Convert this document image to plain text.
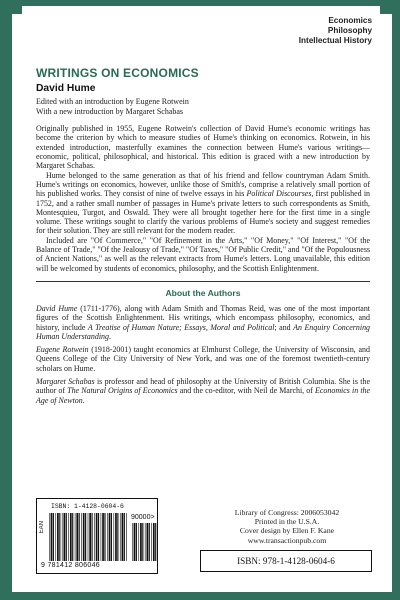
Economics
Philosophy
Intellectual History
WRITINGS ON ECONOMICS
David Hume
Edited with an introduction by Eugene Rotwein
With a new introduction by Margaret Schabas

Originally published in 1955, Eugene Rotwein's collection of David Hume's economic writings has become the criterion by which to measure studies of Hume's thinking on economics. Rotwein, in his extended introduction, masterfully examines the connection between Hume's various writings—economic, political, philosophical, and historical. This edition is graced with a new introduction by Margaret Schabas.

Hume belonged to the same generation as that of his friend and fellow countryman Adam Smith. Hume's writings on economics, however, unlike those of Smith's, comprise a relatively small portion of his published works. They consist of nine of twelve essays in his Political Discourses, first published in 1752, and a rather small number of passages in Hume's private letters to such correspondents as Smith, Montesquieu, Turgot, and Oswald. They were all brought together here for the first time in a single volume. These writings sought to clarify the various problems of Hume's society and suggest remedies for their solution. They are still relevant for the modern reader.

Included are "Of Commerce," "Of Refinement in the Arts," "Of Money," "Of Interest," "Of the Balance of Trade," "Of the Jealousy of Trade," "Of Taxes," "Of Public Credit," and "Of the Populousness of Ancient Nations," as well as the relevant extracts from Hume's letters. Long unavailable, this edition will be welcomed by students of economics, philosophy, and the Scottish Enlightenment.

About the Authors

David Hume (1711-1776), along with Adam Smith and Thomas Reid, was one of the most important figures of the Scottish Enlightenment. His writings, which encompass philosophy, economics, and history, include A Treatise of Human Nature; Essays, Moral and Political; and An Enquiry Concerning Human Understanding.

Eugene Rotwein (1918-2001) taught economics at Elmhurst College, the University of Wisconsin, and Queens College of the City University of New York, and was one of the foremost twentieth-century scholars on Hume.

Margaret Schabas is professor and head of philosophy at the University of British Columbia. She is the author of The Natural Origins of Economics and the co-editor, with Neil de Marchi, of Economics in the Age of Newton.

ISBN: 1-4128-0604-6
EAN
90000>
9 781412 806046
Library of Congress: 2006053042
Printed in the U.S.A.
Cover design by Ellen F. Kane
www.transactionpub.com
ISBN: 978-1-4128-0604-6
